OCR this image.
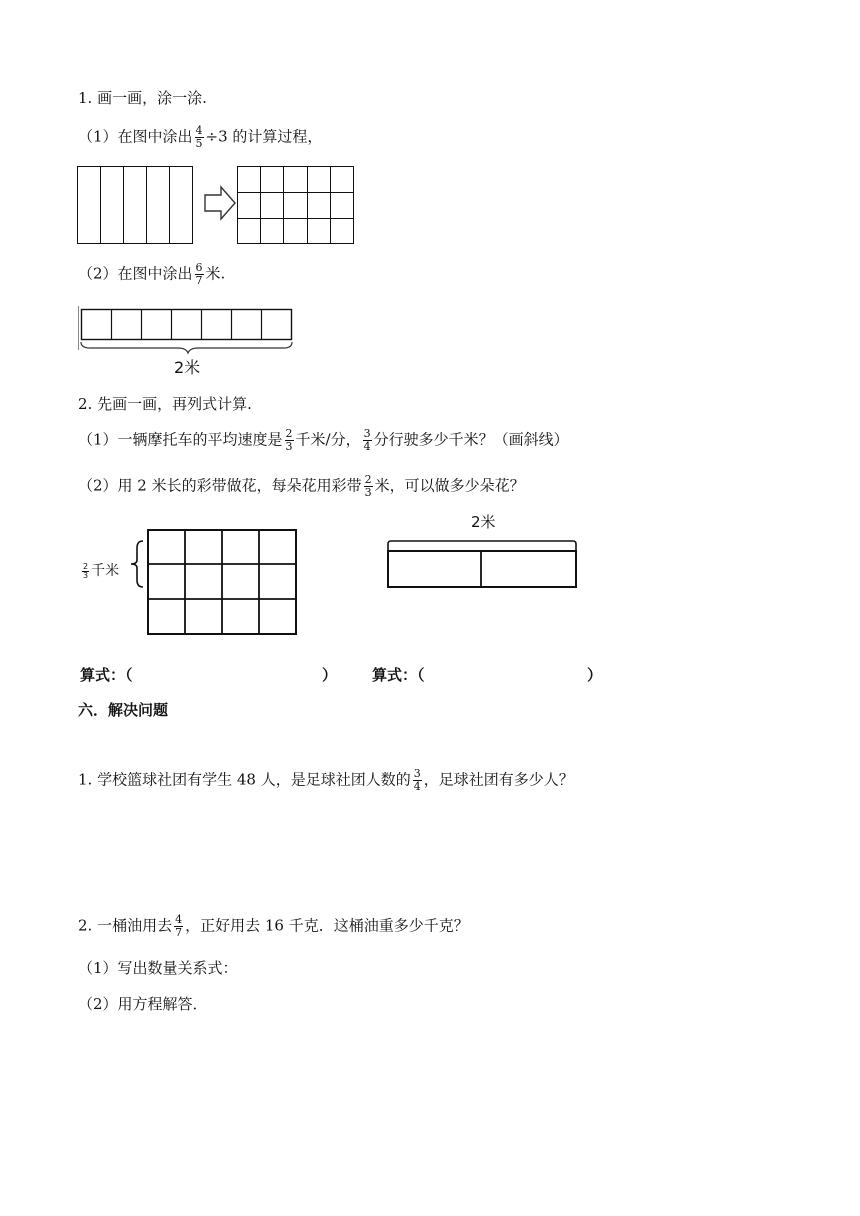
1. 画一画，涂一涂.
（1）在图中涂出 $\frac{4}{5} \div 3$ 的计算过程，
（2）在图中涂出 $\frac{6}{7}$ 米.
2米
2. 先画一画，再列式计算.
（1）一辆摩托车的平均速度是 $\frac{2}{3}$ 千米/分， $\frac{3}{4}$ 分行驶多少千米？（画斜线）
（2）用 2 米长的彩带做花，每朵花用彩带 $\frac{2}{3}$ 米，可以做多少朵花？
$\frac{2}{3}$ 千米
2米
算式：（	） 算式：（	）
六．解决问题
1. 学校篮球社团有学生 48 人，是足球社团人数的 $\frac{3}{4}$ ，足球社团有多少人？
2. 一桶油用去 $\frac{4}{7}$ ，正好用去 16 千克．这桶油重多少千克？
（1）写出数量关系式：
（2）用方程解答．
